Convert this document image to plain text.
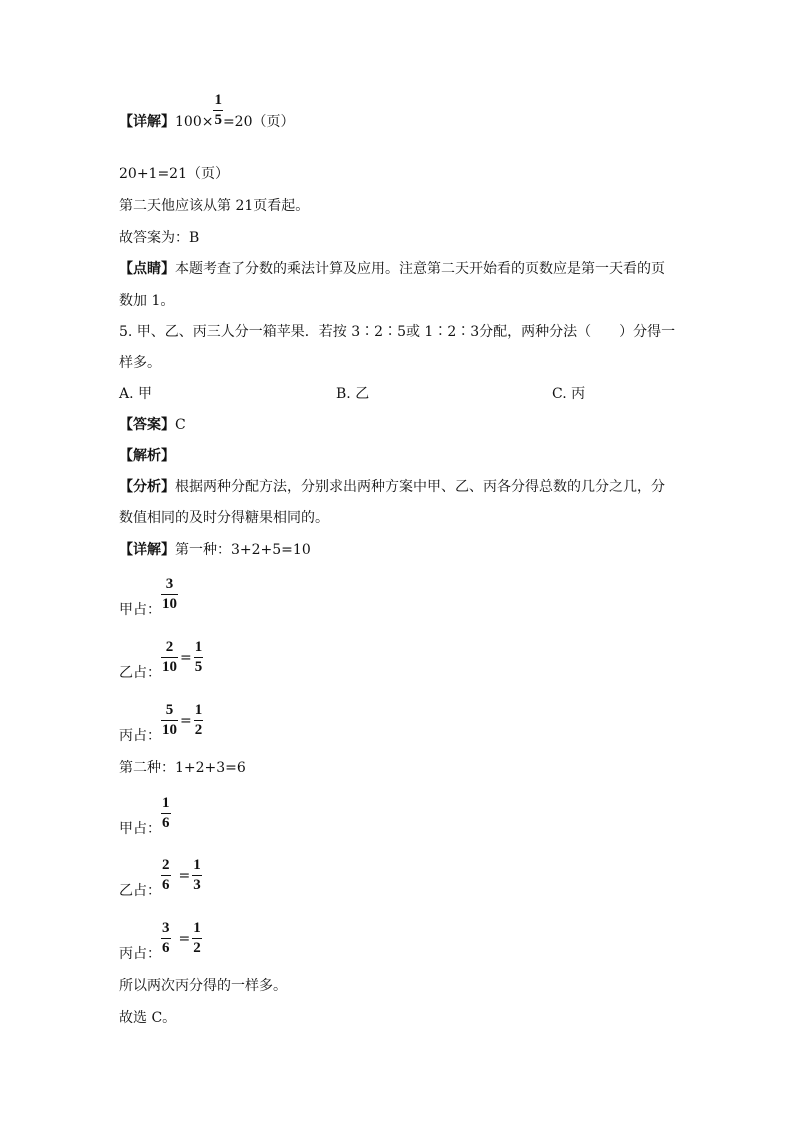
【详解】$100\times \frac{1}{5} =20$（页）
20+1=21（页）
第二天他应该从第 21页看起。
故答案为：B
【点睛】本题考查了分数的乘法计算及应用。注意第二天开始看的页数应是第一天看的页
数加 1。
5. 甲、乙、丙三人分一箱苹果．若按 3∶2∶5或 1∶2∶3分配，两种分法（　　）分得一
样多。
A. 甲	B. 乙	C. 丙
【答案】C
【解析】
【分析】根据两种分配方法，分别求出两种方案中甲、乙、丙各分得总数的几分之几，分
数值相同的及时分得糖果相同的。
【详解】第一种：3+2+5=10
甲占： $\frac{3}{10}$
乙占： $\frac{2}{10} = \frac{1}{5}$
丙占： $\frac{5}{10} = \frac{1}{2}$
第二种：1+2+3=6
甲占： $\frac{1}{6}$
乙占： $\frac{2}{6} = \frac{1}{3}$
丙占： $\frac{3}{6} = \frac{1}{2}$
所以两次丙分得的一样多。
故选 C。
